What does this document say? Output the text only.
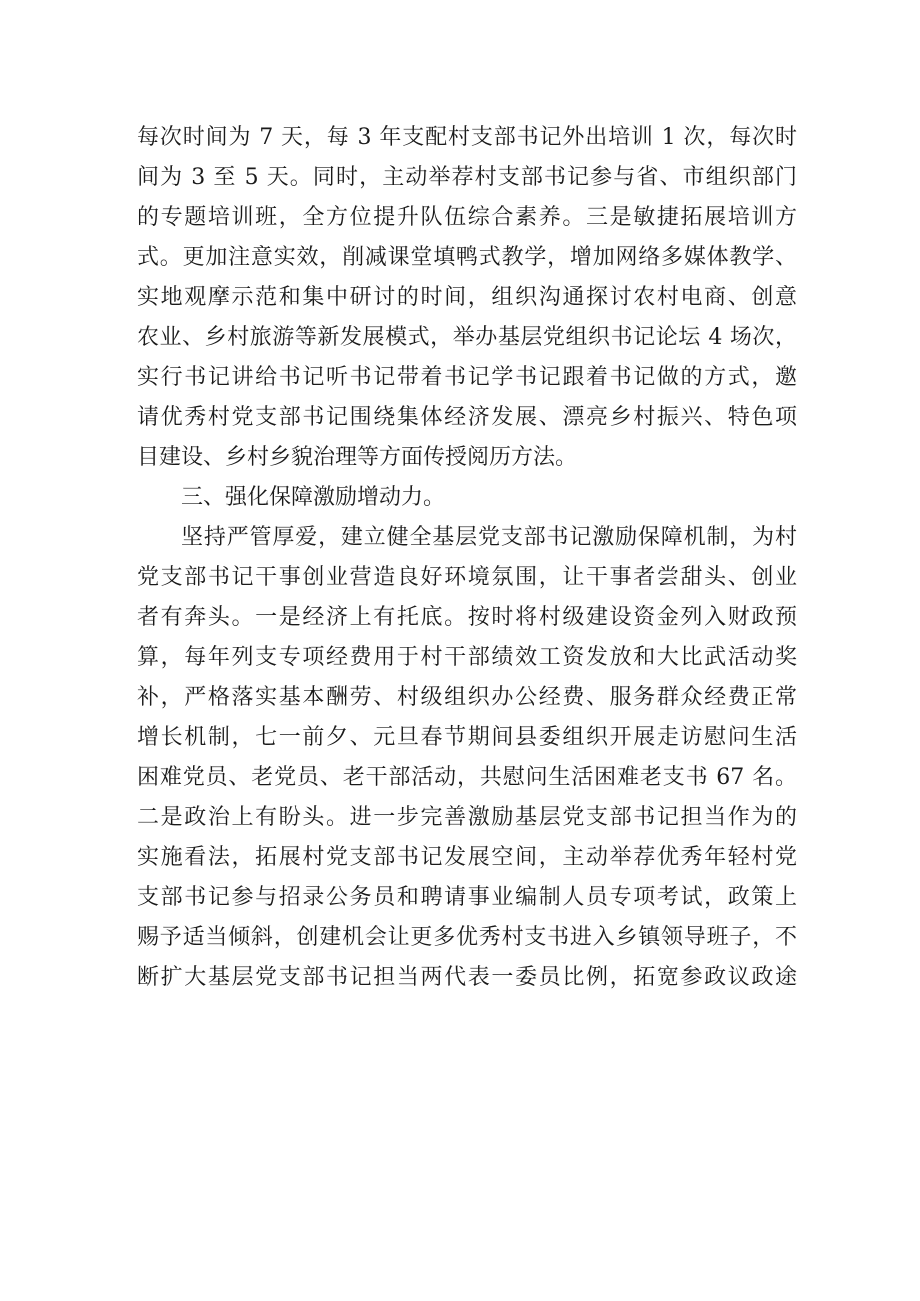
每次时间为 7 天，每 3 年支配村支部书记外出培训 1 次，每次时
间为 3 至 5 天。同时，主动举荐村支部书记参与省、市组织部门
的专题培训班，全方位提升队伍综合素养。三是敏捷拓展培训方
式。更加注意实效，削减课堂填鸭式教学，增加网络多媒体教学、
实地观摩示范和集中研讨的时间，组织沟通探讨农村电商、创意
农业、乡村旅游等新发展模式，举办基层党组织书记论坛 4 场次，
实行书记讲给书记听书记带着书记学书记跟着书记做的方式，邀
请优秀村党支部书记围绕集体经济发展、漂亮乡村振兴、特色项
目建设、乡村乡貌治理等方面传授阅历方法。
三、强化保障激励增动力。
坚持严管厚爱，建立健全基层党支部书记激励保障机制，为村
党支部书记干事创业营造良好环境氛围，让干事者尝甜头、创业
者有奔头。一是经济上有托底。按时将村级建设资金列入财政预
算，每年列支专项经费用于村干部绩效工资发放和大比武活动奖
补，严格落实基本酬劳、村级组织办公经费、服务群众经费正常
增长机制，七一前夕、元旦春节期间县委组织开展走访慰问生活
困难党员、老党员、老干部活动，共慰问生活困难老支书 67 名。
二是政治上有盼头。进一步完善激励基层党支部书记担当作为的
实施看法，拓展村党支部书记发展空间，主动举荐优秀年轻村党
支部书记参与招录公务员和聘请事业编制人员专项考试，政策上
赐予适当倾斜，创建机会让更多优秀村支书进入乡镇领导班子，不
断扩大基层党支部书记担当两代表一委员比例，拓宽参政议政途
